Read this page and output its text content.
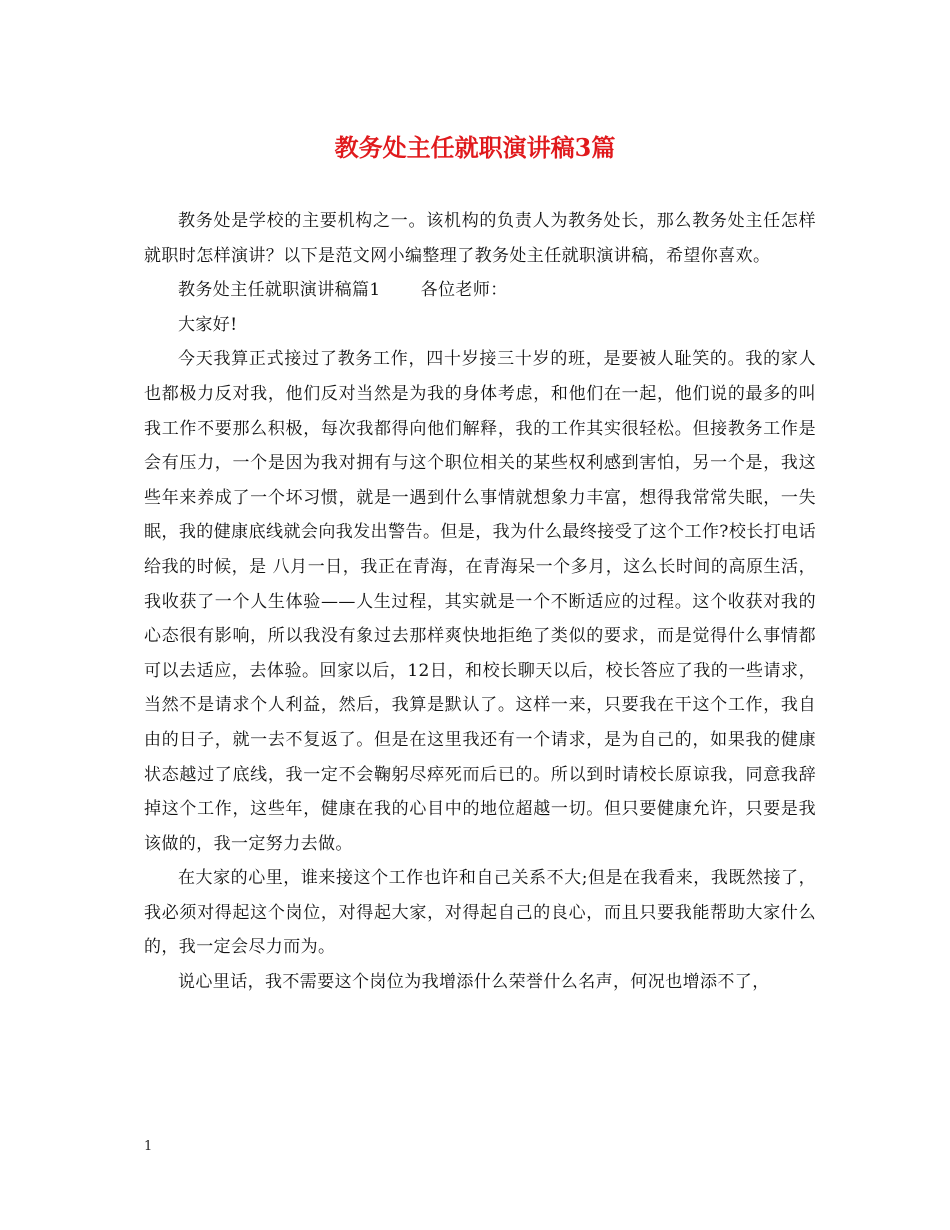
教务处主任就职演讲稿3篇

教务处是学校的主要机构之一。该机构的负责人为教务处长，那么教务处主任怎样就职时怎样演讲？以下是范文网小编整理了教务处主任就职演讲稿，希望你喜欢。

教务处主任就职演讲稿篇1 各位老师：

大家好!

今天我算正式接过了教务工作，四十岁接三十岁的班，是要被人耻笑的。我的家人也都极力反对我，他们反对当然是为我的身体考虑，和他们在一起，他们说的最多的叫我工作不要那么积极，每次我都得向他们解释，我的工作其实很轻松。但接教务工作是会有压力，一个是因为我对拥有与这个职位相关的某些权利感到害怕，另一个是，我这些年来养成了一个坏习惯，就是一遇到什么事情就想象力丰富，想得我常常失眠，一失眠，我的健康底线就会向我发出警告。但是，我为什么最终接受了这个工作?校长打电话给我的时候，是 八月一日，我正在青海，在青海呆一个多月，这么长时间的高原生活，我收获了一个人生体验——人生过程，其实就是一个不断适应的过程。这个收获对我的心态很有影响，所以我没有象过去那样爽快地拒绝了类似的要求，而是觉得什么事情都可以去适应，去体验。回家以后，12日，和校长聊天以后，校长答应了我的一些请求，当然不是请求个人利益，然后，我算是默认了。这样一来，只要我在干这个工作，我自由的日子，就一去不复返了。但是在这里我还有一个请求，是为自己的，如果我的健康状态越过了底线，我一定不会鞠躬尽瘁死而后已的。所以到时请校长原谅我，同意我辞掉这个工作，这些年，健康在我的心目中的地位超越一切。但只要健康允许，只要是我该做的，我一定努力去做。

在大家的心里，谁来接这个工作也许和自己关系不大;但是在我看来，我既然接了，我必须对得起这个岗位，对得起大家，对得起自己的良心，而且只要我能帮助大家什么的，我一定会尽力而为。

说心里话，我不需要这个岗位为我增添什么荣誉什么名声，何况也增添不了，

1
